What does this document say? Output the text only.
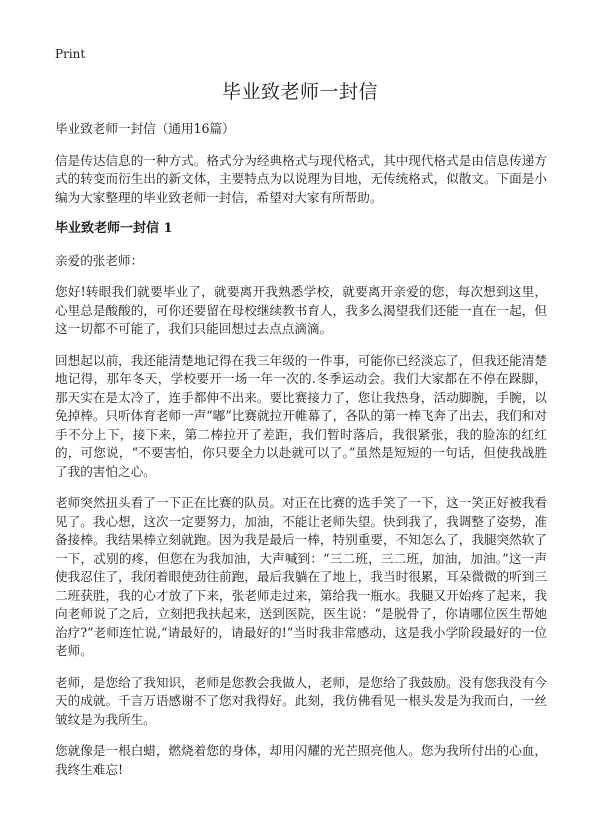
Print
毕业致老师一封信

毕业致老师一封信（通用16篇）

信是传达信息的一种方式。格式分为经典格式与现代格式，其中现代格式是由信息传递方式的转变而衍生出的新文体，主要特点为以说理为目地，无传统格式，似散文。下面是小编为大家整理的毕业致老师一封信，希望对大家有所帮助。

毕业致老师一封信 1

亲爱的张老师：

您好!转眼我们就要毕业了，就要离开我熟悉学校，就要离开亲爱的您，每次想到这里，心里总是酸酸的，可你还要留在母校继续教书育人，我多么渴望我们还能一直在一起，但这一切都不可能了，我们只能回想过去点点滴滴。

回想起以前，我还能清楚地记得在我三年级的一件事，可能你已经淡忘了，但我还能清楚地记得，那年冬天，学校要开一场一年一次的.冬季运动会。我们大家都在不停在跺脚，那天实在是太冷了，连手都伸不出来。要比赛接力了，您让我热身，活动脚腕，手腕，以免掉棒。只听体育老师一声“嘟”比赛就拉开帷幕了，各队的第一棒飞奔了出去，我们和对手不分上下，接下来，第二棒拉开了差距，我们暂时落后，我很紧张，我的脸冻的红红的，可您说，“不要害怕，你只要全力以赴就可以了。”虽然是短短的一句话，但使我战胜了我的害怕之心。

老师突然扭头看了一下正在比赛的队员。对正在比赛的选手笑了一下，这一笑正好被我看见了。我心想，这次一定要努力，加油，不能让老师失望。快到我了，我调整了姿势，准备接棒。我结果棒立刻就跑。因为我是最后一棒，特别重要，不知怎么了，我腿突然软了一下，忒别的疼，但您在为我加油，大声喊到：“三二班，三二班，加油，加油。”这一声使我忍住了，我闭着眼使劲往前跑，最后我躺在了地上，我当时很累，耳朵微微的听到三二班获胜，我的心才放了下来，张老师走过来，第给我一瓶水。我腿又开始疼了起来，我向老师说了之后，立刻把我扶起来，送到医院，医生说：“是脱骨了，你请哪位医生帮她治疗?”老师连忙说,“请最好的，请最好的!”当时我非常感动，这是我小学阶段最好的一位老师。

老师，是您给了我知识，老师是您教会我做人，老师，是您给了我鼓励。没有您我没有今天的成就。千言万语感谢不了您对我得好。此刻，我仿佛看见一根头发是为我而白，一丝皱纹是为我所生。

您就像是一根白蜡，燃烧着您的身体，却用闪耀的光芒照亮他人。您为我所付出的心血，我终生难忘!
